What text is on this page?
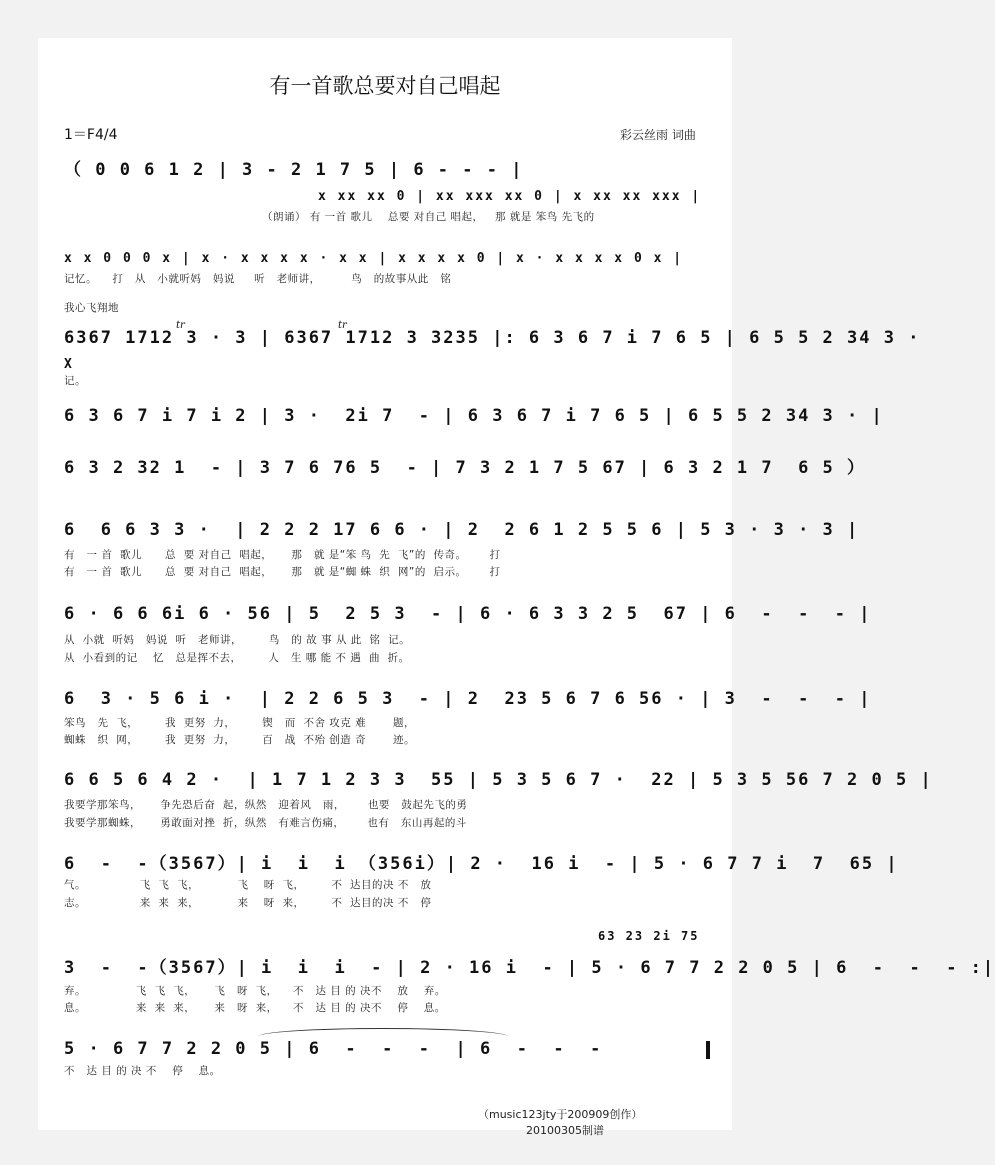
有一首歌总要对自己唱起
1＝F4/4	彩云丝雨 词曲
（ 0 0 6 1 2 | 3 - 2 1 7 5 | 6 - - - |
x xx xx 0 | xx xxx xx 0 | x xx xx xxx |
（朗诵） 有 一首 歌儿    总要 对自己 唱起，   那 就是 笨鸟 先飞的
x x 0 0 0 x | x · x x x x · x x | x x x x 0 | x · x x x x 0 x |
记忆。    打   从   小就听妈   妈说     听   老师讲，        鸟   的故事从此   铭
我心飞翔地
tr	tr
6367 1712 3 · 3 | 6367 1712 3 3235 |: 6 3 6 7 i 7 6 5 | 6 5 5 2 34 3 ·
X
记。
6 3 6 7 i 7 i 2 | 3 ·  2i 7  - | 6 3 6 7 i 7 6 5 | 6 5 5 2 34 3 · |
6 3 2 32 1  - | 3 7 6 76 5  - | 7 3 2 1 7 5 67 | 6 3 2 1 7  6 5 ）
6  6 6 3 3 ·  | 2 2 2 17 6 6 · | 2  2 6 1 2 5 5 6 | 5 3 · 3 · 3 |
有   一 首  歌儿      总  要 对自己  唱起，     那   就 是“笨 鸟  先  飞”的  传奇。      打
有   一 首  歌儿      总  要 对自己  唱起，     那   就 是“蜘 蛛  织  网”的  启示。      打
6 · 6 6 6i 6 · 56 | 5  2 5 3  - | 6 · 6 3 3 2 5  67 | 6  -  -  - |
从  小就  听妈   妈说  听   老师讲，       鸟   的 故 事 从 此  铭  记。
从  小看到的记    忆   总是挥不去，       人   生 哪 能 不 遇  曲  折。
6  3 · 5 6 i ·  | 2 2 6 5 3  - | 2  23 5 6 7 6 56 · | 3  -  -  - |
笨鸟   先  飞，       我  更努  力，       锲   而  不舍 攻克 难       题，
蜘蛛   织  网，       我  更努  力，       百   战  不殆 创造 奇       迹。
6 6 5 6 4 2 ·  | 1 7 1 2 3 3  55 | 5 3 5 6 7 ·  22 | 5 3 5 56 7 2 0 5 |
我要学那笨鸟，     争先恐后奋  起，纵然   迎着风   雨，      也要   鼓起先飞的勇
我要学那蜘蛛，     勇敢面对挫  折，纵然   有难言伤痛，      也有   东山再起的斗
6  -  -（3567）| i  i  i （356i）| 2 ·  16 i  - | 5 · 6 7 7 i  7  65 |
气。              飞  飞  飞，          飞    呀  飞，       不  达目的决 不   放
志。              来  来  来，          来    呀  来，       不  达目的决 不   停
63 23 2i 75
3  -  -（3567）| i  i  i  - | 2 · 16 i  - | 5 · 6 7 7 2 2 0 5 | 6  -  -  - :|
弃。             飞  飞  飞，     飞   呀  飞，    不   达 目 的 决不    放    弃。
息。             来  来  来，     来   呀  来，    不   达 目 的 决不    停    息。
5 · 6 7 7 2 2 0 5 | 6  -  -  -  | 6  -  -  -
不   达 目 的 决 不    停    息。
（music123jty于200909创作）
20100305制谱
